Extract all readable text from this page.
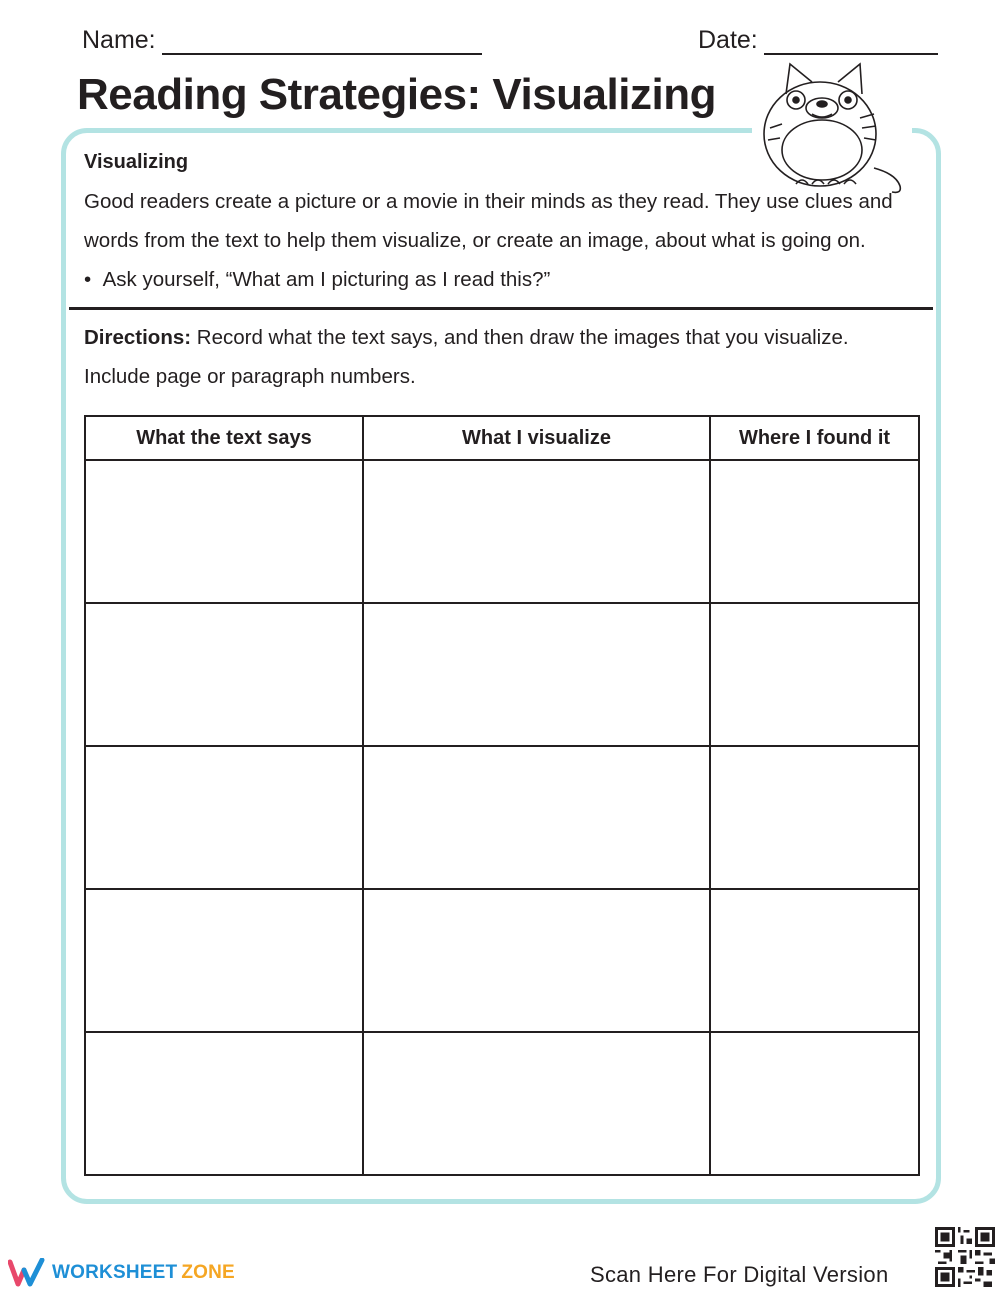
Name:	Date:
Reading Strategies: Visualizing
Visualizing
Good readers create a picture or a movie in their minds as they read. They use clues and
words from the text to help them visualize, or create an image, about what is going on.
•  Ask yourself, “What am I picturing as I read this?”
Directions: Record what the text says, and then draw the images that you visualize.
Include page or paragraph numbers.
What the text says	What I visualize	Where I found it

WORKSHEET ZONE	Scan Here For Digital Version
